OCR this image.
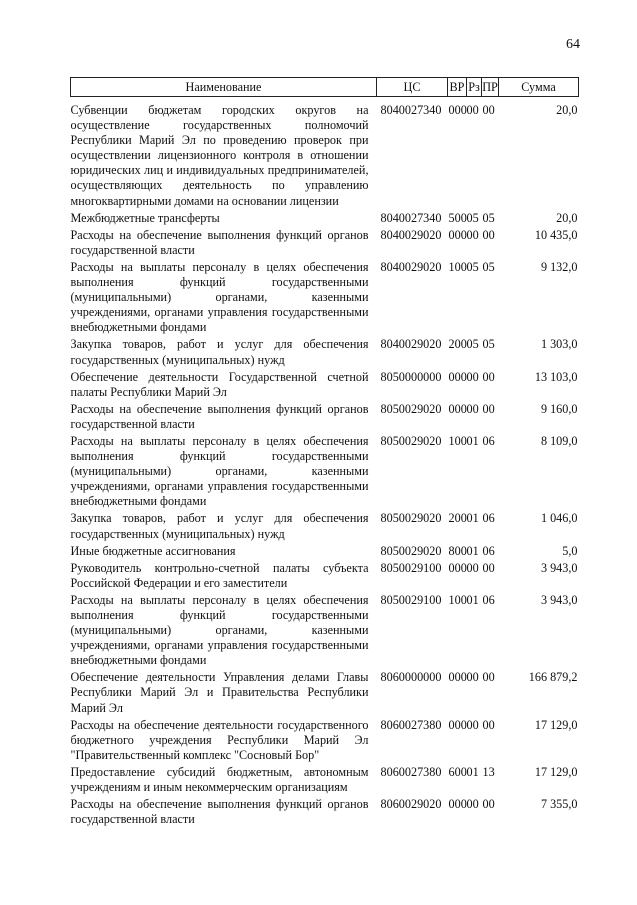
64
Наименование	ЦС	ВР	Рз	ПР	Сумма
Субвенции бюджетам городских округов на осуществление государственных полномочий Республики Марий Эл по проведению проверок при осуществлении лицензионного контроля в отношении юридических лиц и индивидуальных предпринимателей, осуществляющих деятельность по управлению многоквартирными домами на основании лицензии	8040027340	000	00	00	20,0
Межбюджетные трансферты	8040027340	500	05	05	20,0
Расходы на обеспечение выполнения функций органов государственной власти	8040029020	000	00	00	10 435,0
Расходы на выплаты персоналу в целях обеспечения выполнения функций государственными (муниципальными) органами, казенными учреждениями, органами управления государственными внебюджетными фондами	8040029020	100	05	05	9 132,0
Закупка товаров, работ и услуг для обеспечения государственных (муниципальных) нужд	8040029020	200	05	05	1 303,0
Обеспечение деятельности Государственной счетной палаты Республики Марий Эл	8050000000	000	00	00	13 103,0
Расходы на обеспечение выполнения функций органов государственной власти	8050029020	000	00	00	9 160,0
Расходы на выплаты персоналу в целях обеспечения выполнения функций государственными (муниципальными) органами, казенными учреждениями, органами управления государственными внебюджетными фондами	8050029020	100	01	06	8 109,0
Закупка товаров, работ и услуг для обеспечения государственных (муниципальных) нужд	8050029020	200	01	06	1 046,0
Иные бюджетные ассигнования	8050029020	800	01	06	5,0
Руководитель контрольно-счетной палаты субъекта Российской Федерации и его заместители	8050029100	000	00	00	3 943,0
Расходы на выплаты персоналу в целях обеспечения выполнения функций государственными (муниципальными) органами, казенными учреждениями, органами управления государственными внебюджетными фондами	8050029100	100	01	06	3 943,0
Обеспечение деятельности Управления делами Главы Республики Марий Эл и Правительства Республики Марий Эл	8060000000	000	00	00	166 879,2
Расходы на обеспечение деятельности государственного бюджетного учреждения Республики Марий Эл "Правительственный комплекс "Сосновый Бор"	8060027380	000	00	00	17 129,0
Предоставление субсидий бюджетным, автономным учреждениям и иным некоммерческим организациям	8060027380	600	01	13	17 129,0
Расходы на обеспечение выполнения функций органов государственной власти	8060029020	000	00	00	7 355,0
